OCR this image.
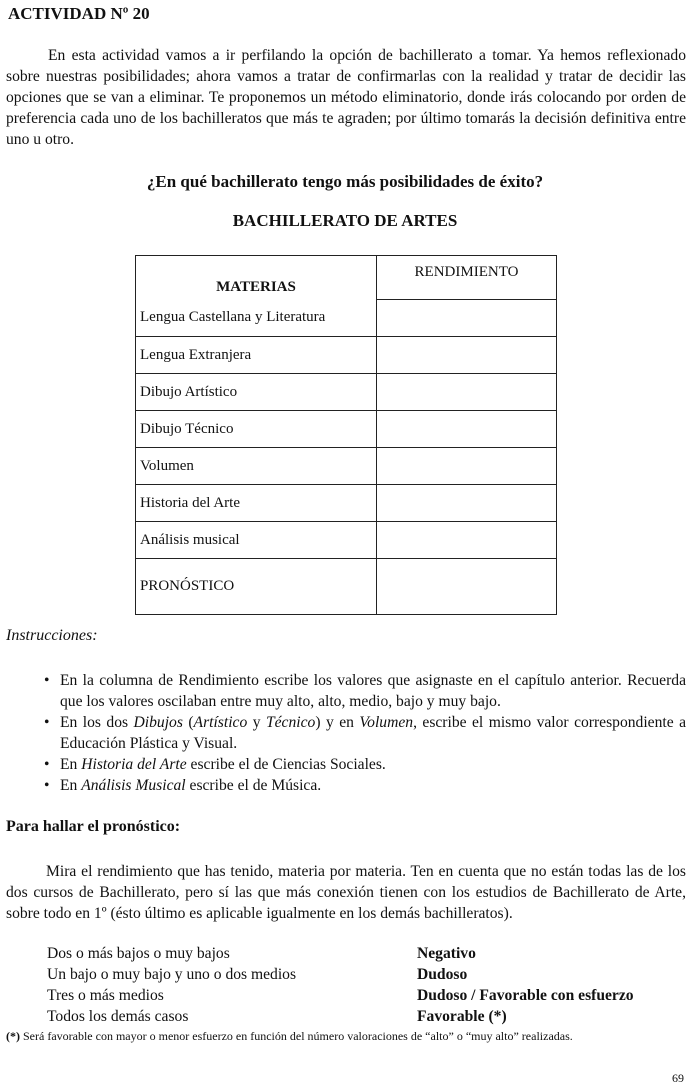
ACTIVIDAD Nº 20

En esta actividad vamos a ir perfilando la opción de bachillerato a tomar. Ya hemos reflexionado sobre nuestras posibilidades; ahora vamos a tratar de confirmarlas con la realidad y tratar de decidir las opciones que se van a eliminar. Te proponemos un método eliminatorio, donde irás colocando por orden de preferencia cada uno de los bachilleratos que más te agraden; por último tomarás la decisión definitiva entre uno u otro.

¿En qué bachillerato tengo más posibilidades de éxito?
BACHILLERATO DE ARTES
MATERIAS	RENDIMIENTO
Lengua Castellana y Literatura	
Lengua Extranjera	
Dibujo Artístico	
Dibujo Técnico	
Volumen	
Historia del Arte	
Análisis musical	
PRONÓSTICO	
Instrucciones:
• En la columna de Rendimiento escribe los valores que asignaste en el capítulo anterior. Recuerda que los valores oscilaban entre muy alto, alto, medio, bajo y muy bajo.
• En los dos Dibujos (Artístico y Técnico) y en Volumen, escribe el mismo valor correspondiente a Educación Plástica y Visual.
• En Historia del Arte escribe el de Ciencias Sociales.
• En Análisis Musical escribe el de Música.
Para hallar el pronóstico:

Mira el rendimiento que has tenido, materia por materia. Ten en cuenta que no están todas las de los dos cursos de Bachillerato, pero sí las que más conexión tienen con los estudios de Bachillerato de Arte, sobre todo en 1º (ésto último es aplicable igualmente en los demás bachilleratos).

Dos o más bajos o muy bajos	Negativo
Un bajo o muy bajo y uno o dos medios	Dudoso
Tres o más medios	Dudoso / Favorable con esfuerzo
Todos los demás casos	Favorable (*)
(*) Será favorable con mayor o menor esfuerzo en función del número valoraciones de “alto” o “muy alto” realizadas.
69
